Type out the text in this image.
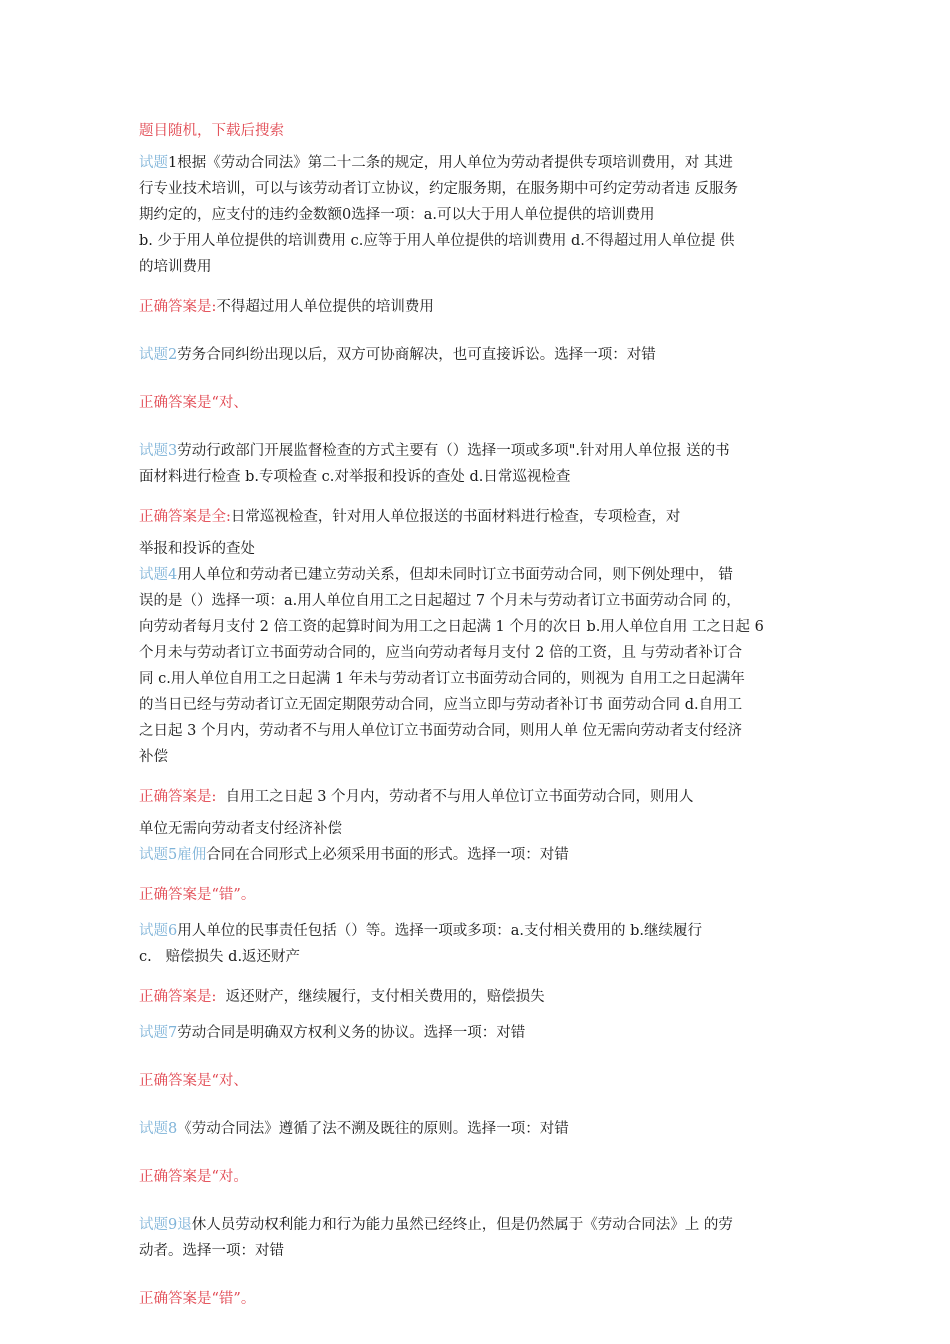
题目随机，下载后搜索
试题1根据《劳动合同法》第二十二条的规定，用人单位为劳动者提供专项培训费用，对 其进
行专业技术培训，可以与该劳动者订立协议，约定服务期，在服务期中可约定劳动者违 反服务
期约定的，应支付的违约金数额0选择一项：a.可以大于用人单位提供的培训费用
b. 少于用人单位提供的培训费用 c.应等于用人单位提供的培训费用 d.不得超过用人单位提 供
的培训费用
正确答案是:不得超过用人单位提供的培训费用
试题2劳务合同纠纷出现以后，双方可协商解决，也可直接诉讼。选择一项：对错
正确答案是“对、
试题3劳动行政部门开展监督检查的方式主要有（）选择一项或多项".针对用人单位报 送的书
面材料进行检查 b.专项检查 c.对举报和投诉的查处 d.日常巡视检查
正确答案是全:日常巡视检查，针对用人单位报送的书面材料进行检查，专项检查，对
举报和投诉的查处
试题4用人单位和劳动者已建立劳动关系，但却未同时订立书面劳动合同，则下例处理中， 错
误的是（）选择一项：a.用人单位自用工之日起超过 7 个月未与劳动者订立书面劳动合同 的，
向劳动者每月支付 2 倍工资的起算时间为用工之日起满 1 个月的次日 b.用人单位自用 工之日起 6
个月未与劳动者订立书面劳动合同的，应当向劳动者每月支付 2 倍的工资，且 与劳动者补订合
同 c.用人单位自用工之日起满 1 年未与劳动者订立书面劳动合同的，则视为 自用工之日起满年
的当日已经与劳动者订立无固定期限劳动合同，应当立即与劳动者补订书 面劳动合同 d.自用工
之日起 3 个月内，劳动者不与用人单位订立书面劳动合同，则用人单 位无需向劳动者支付经济
补偿
正确答案是:  自用工之日起 3 个月内，劳动者不与用人单位订立书面劳动合同，则用人
单位无需向劳动者支付经济补偿
试题5雇佣合同在合同形式上必须采用书面的形式。选择一项：对错
正确答案是“错”。
试题6用人单位的民事责任包括（）等。选择一项或多项：a.支付相关费用的 b.继续履行
c.   赔偿损失 d.返还财产
正确答案是:  返还财产，继续履行，支付相关费用的，赔偿损失
试题7劳动合同是明确双方权利义务的协议。选择一项：对错
正确答案是“对、
试题8《劳动合同法》遵循了法不溯及既往的原则。选择一项：对错
正确答案是“对。
试题9退休人员劳动权利能力和行为能力虽然已经终止，但是仍然属于《劳动合同法》上 的劳
动者。选择一项：对错
正确答案是“错”。
